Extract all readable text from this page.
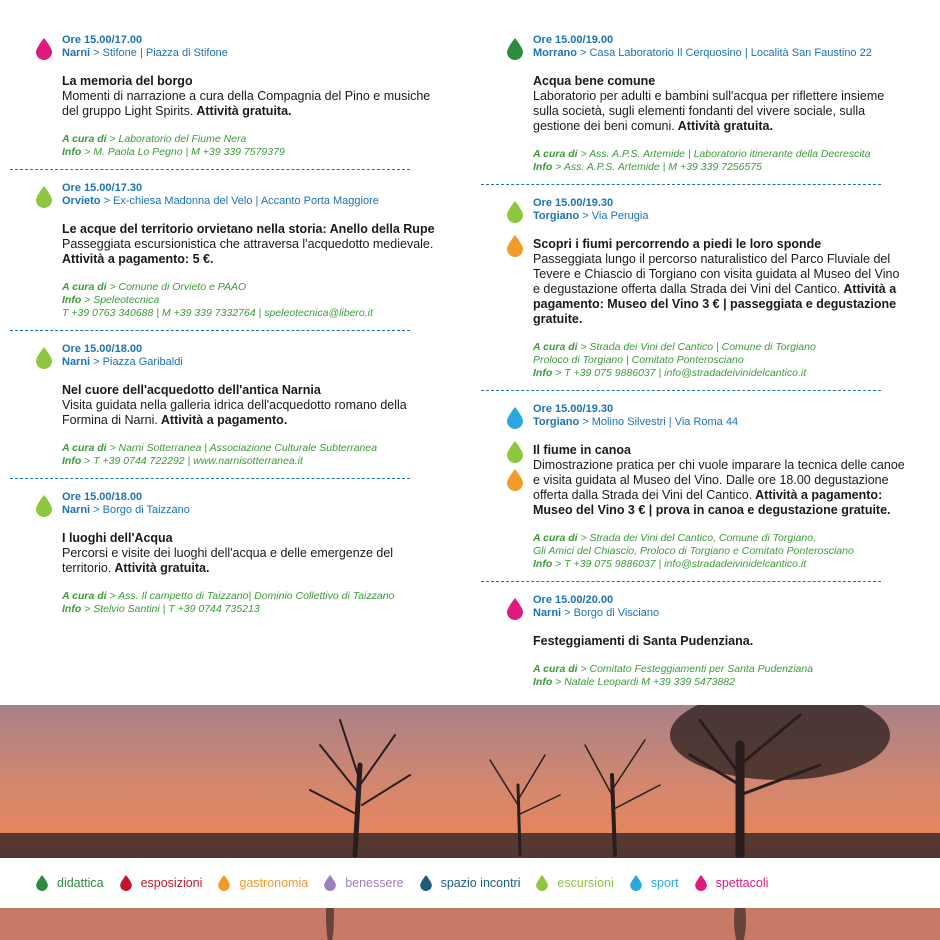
Ore 15.00/17.00
Narni > Stifone | Piazza di Stifone
La memoria del borgo
Momenti di narrazione a cura della Compagnia del Pino e musiche del gruppo Light Spirits. Attività gratuita.
A cura di > Laboratorio del Fiume Nera
Info > M. Paola Lo Pegno | M +39 339 7579379
Ore 15.00/17.30
Orvieto > Ex-chiesa Madonna del Velo | Accanto Porta Maggiore
Le acque del territorio orvietano nella storia: Anello della Rupe
Passeggiata escursionistica che attraversa l'acquedotto medievale. Attività a pagamento: 5 €.
A cura di > Comune di Orvieto e PAAO
Info > Speleotecnica
T +39 0763 340688 | M +39 339 7332764 | speleotecnica@libero.it
Ore 15.00/18.00
Narni > Piazza Garibaldi
Nel cuore dell'acquedotto dell'antica Narnia
Visita guidata nella galleria idrica dell'acquedotto romano della Formina di Narni. Attività a pagamento.
A cura di > Narni Sotterranea | Associazione Culturale Subterranea
Info > T +39 0744 722292 | www.narnisotterranea.it
Ore 15.00/18.00
Narni > Borgo di Taizzano
I luoghi dell'Acqua
Percorsi e visite dei luoghi dell'acqua e delle emergenze del territorio. Attività gratuita.
A cura di > Ass. Il campetto di Taizzano| Dominio Collettivo di Taizzano
Info > Stelvio Santini | T +39 0744 735213
Ore 15.00/19.00
Morrano > Casa Laboratorio Il Cerquosino | Località San Faustino 22
Acqua bene comune
Laboratorio per adulti e bambini sull'acqua per riflettere insieme sulla società, sugli elementi fondanti del vivere sociale, sulla gestione dei beni comuni. Attività gratuita.
A cura di > Ass. A.P.S. Artemide | Laboratorio itinerante della Decrescita
Info > Ass. A.P.S. Artemide | M +39 339 7256575
Ore 15.00/19.30
Torgiano > Via Perugia
Scopri i fiumi percorrendo a piedi le loro sponde
Passeggiata lungo il percorso naturalistico del Parco Fluviale del Tevere e Chiascio di Torgiano con visita guidata al Museo del Vino e degustazione offerta dalla Strada dei Vini del Cantico. Attività a pagamento: Museo del Vino 3 € | passeggiata e degustazione gratuite.
A cura di > Strada dei Vini del Cantico | Comune di Torgiano
Proloco di Torgiano | Comitato Ponterosciano
Info > T +39 075 9886037 | info@stradadeivinidelcantico.it
Ore 15.00/19.30
Torgiano > Molino Silvestri | Via Roma 44
Il fiume in canoa
Dimostrazione pratica per chi vuole imparare la tecnica delle canoe e visita guidata al Museo del Vino. Dalle ore 18.00 degustazione offerta dalla Strada dei Vini del Cantico. Attività a pagamento: Museo del Vino 3 € | prova in canoa e degustazione gratuite.
A cura di > Strada dei Vini del Cantico, Comune di Torgiano,
Gli Amici del Chiascio, Proloco di Torgiano e Comitato Ponterosciano
Info > T +39 075 9886037 | info@stradadeivinidelcantico.it
Ore 15.00/20.00
Narni > Borgo di Visciano
Festeggiamenti di Santa Pudenziana.
A cura di > Comitato Festeggiamenti per Santa Pudenziana
Info > Natale Leopardi M +39 339 5473882
didattica	esposizioni	gastronomia	benessere	spazio incontri	escursioni	sport	spettacoli
